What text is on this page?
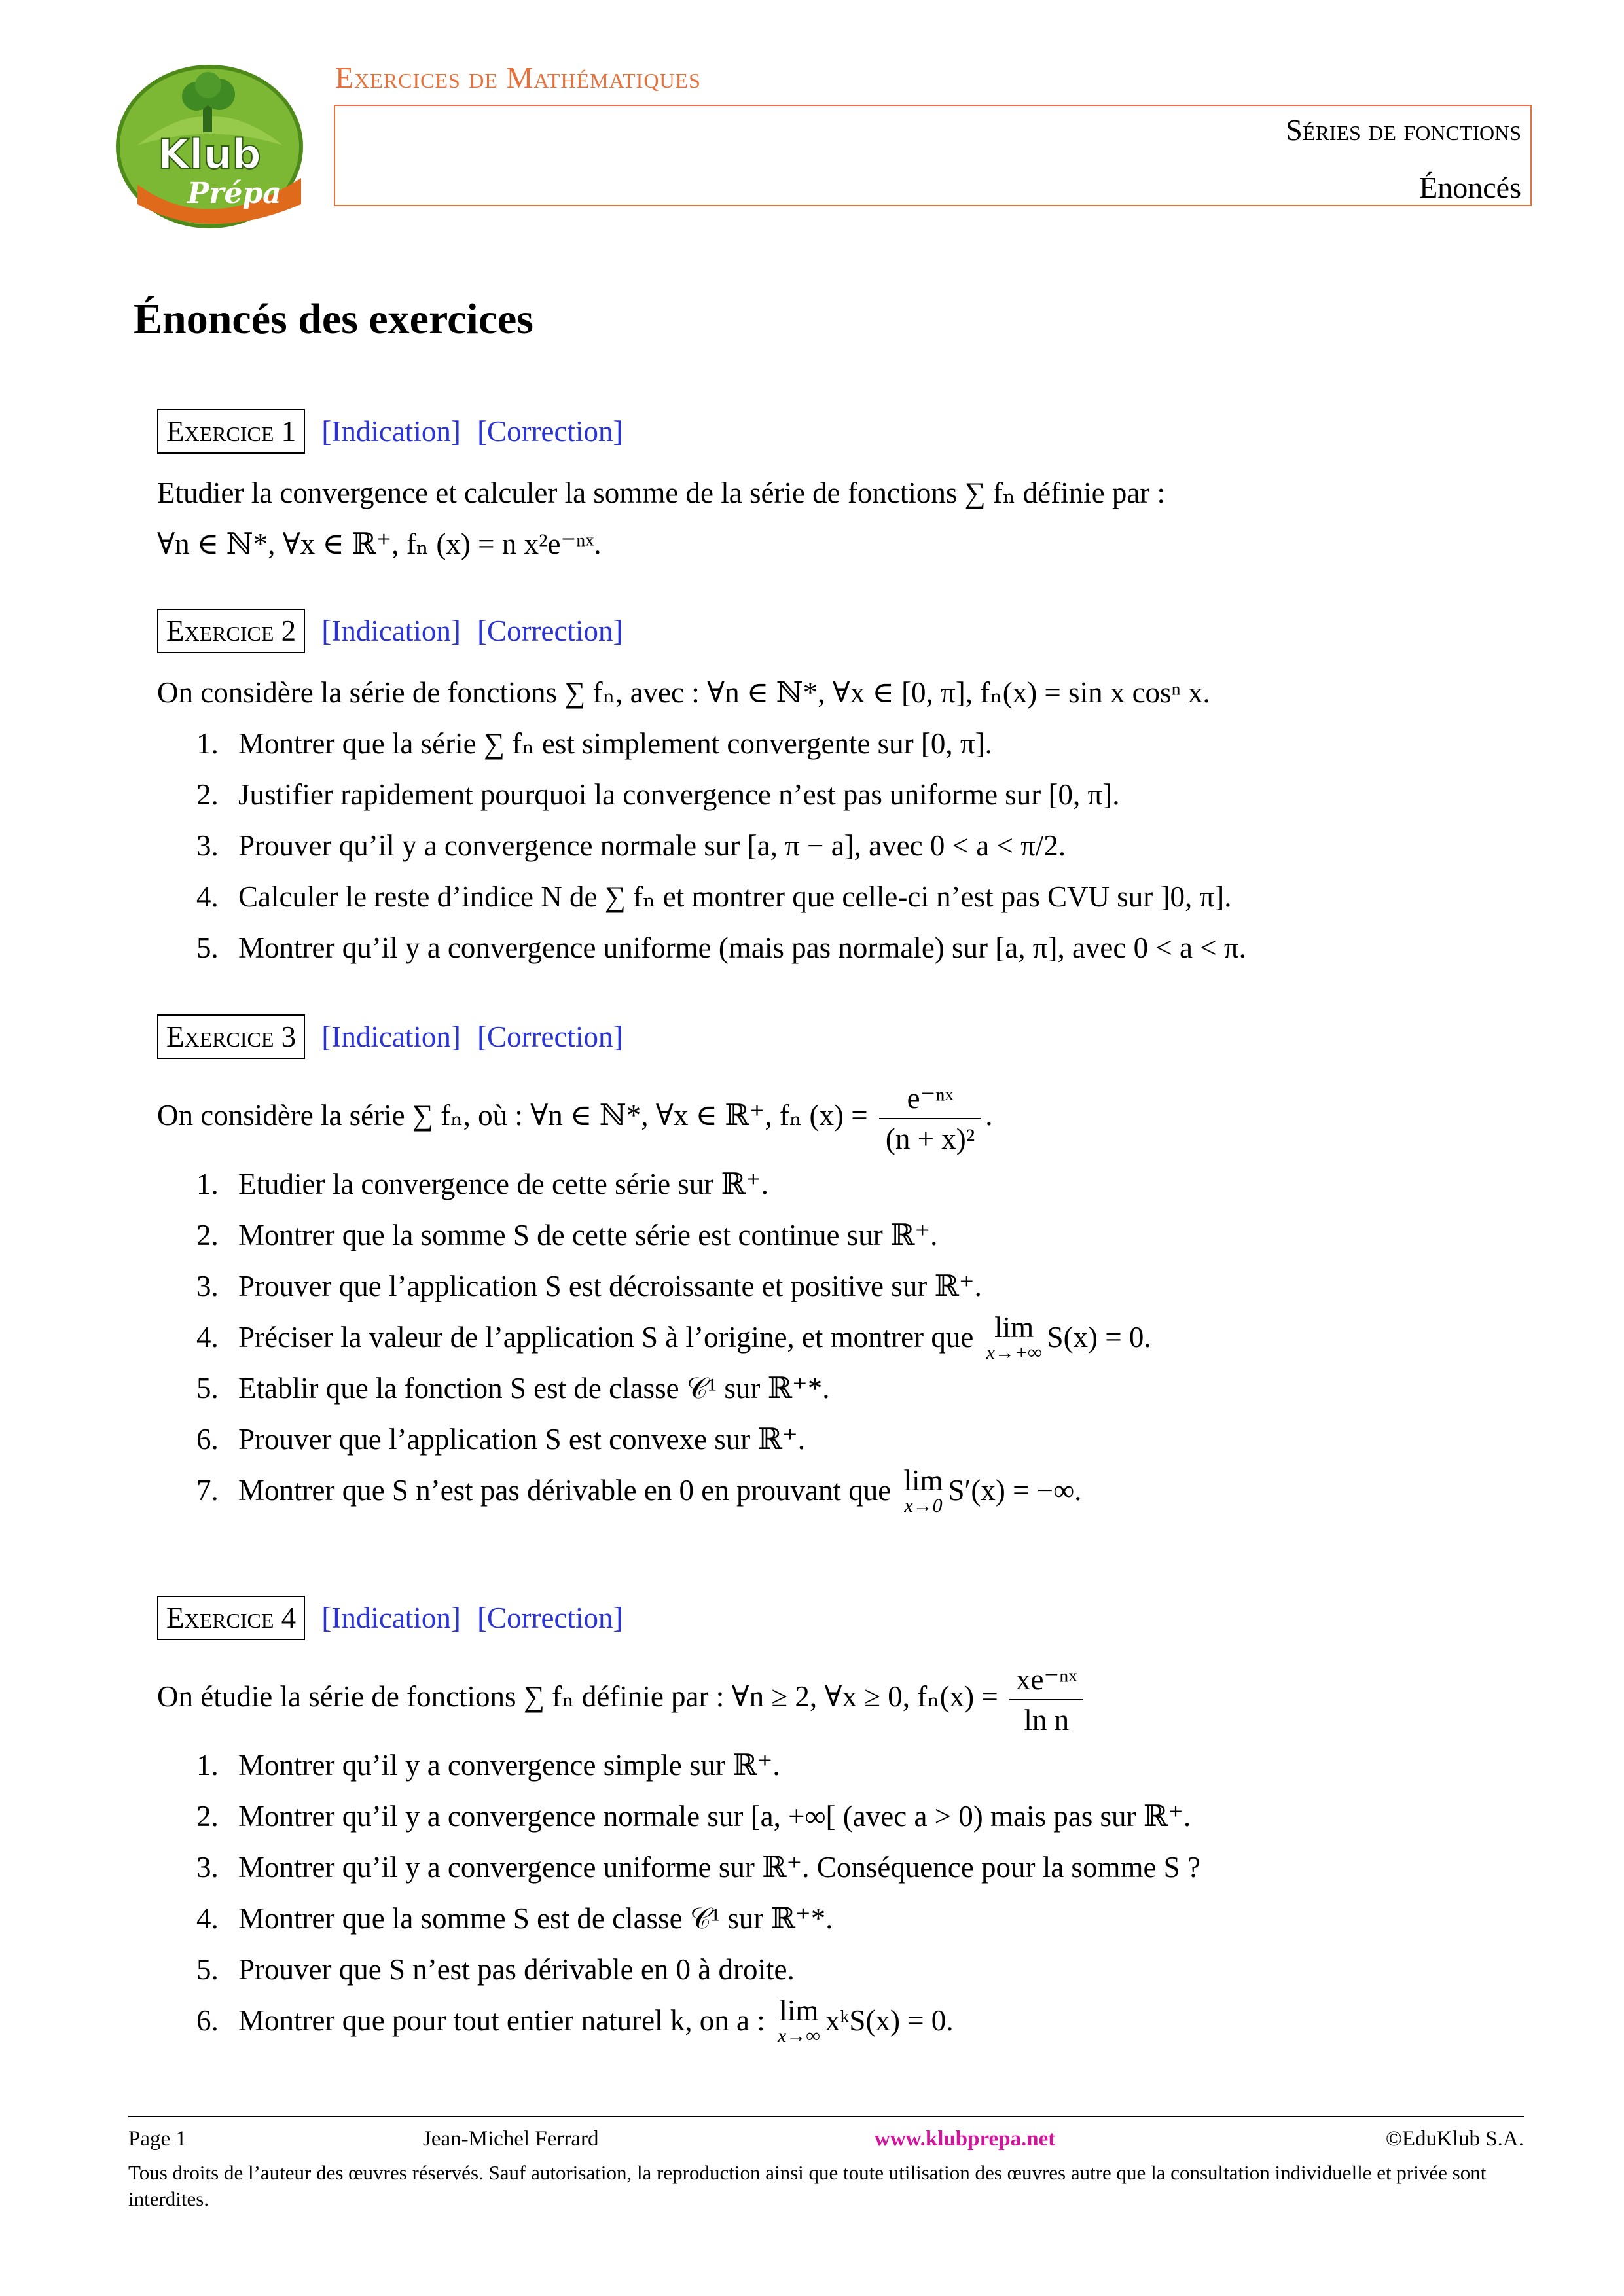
Klub
Prépa
Exercices de Mathématiques
Séries de fonctions
Énoncés
Énoncés des exercices
Exercice 1 [Indication] [Correction]
Etudier la convergence et calculer la somme de la série de fonctions ∑ fₙ définie par :
∀n ∈ ℕ*, ∀x ∈ ℝ⁺, fₙ (x) = n x²e⁻ⁿˣ.
Exercice 2 [Indication] [Correction]
On considère la série de fonctions ∑ fₙ, avec : ∀n ∈ ℕ*, ∀x ∈ [0, π], fₙ(x) = sin x cosⁿ x.
1. Montrer que la série ∑ fₙ est simplement convergente sur [0, π].
2. Justifier rapidement pourquoi la convergence n’est pas uniforme sur [0, π].
3. Prouver qu’il y a convergence normale sur [a, π − a], avec 0 < a < π/2.
4. Calculer le reste d’indice N de ∑ fₙ et montrer que celle-ci n’est pas CVU sur ]0, π].
5. Montrer qu’il y a convergence uniforme (mais pas normale) sur [a, π], avec 0 < a < π.
Exercice 3 [Indication] [Correction]
On considère la série ∑ fₙ, où : ∀n ∈ ℕ*, ∀x ∈ ℝ⁺, fₙ $(x) = \frac{\text{e⁻ⁿˣ}}{\text{(n + x)²}}$ .
1. Etudier la convergence de cette série sur ℝ⁺.
2. Montrer que la somme S de cette série est continue sur ℝ⁺.
3. Prouver que l’application S est décroissante et positive sur ℝ⁺.
4. Préciser la valeur de l’application S à l’origine, et montrer que lim
x→+∞ S(x) = 0.
5. Etablir que la fonction S est de classe 𝒞¹ sur ℝ⁺*.
6. Prouver que l’application S est convexe sur ℝ⁺.
7. Montrer que S n’est pas dérivable en 0 en prouvant que lim
x→0 S′(x) = −∞.
Exercice 4 [Indication] [Correction]
On étudie la série de fonctions ∑ fₙ définie par : ∀n ≥ 2, ∀x ≥ 0, $f_n(x) = \frac{\text{xe⁻ⁿˣ}}{\text{ln n}}$
1. Montrer qu’il y a convergence simple sur ℝ⁺.
2. Montrer qu’il y a convergence normale sur [a, +∞[ (avec a > 0) mais pas sur ℝ⁺.
3. Montrer qu’il y a convergence uniforme sur ℝ⁺. Conséquence pour la somme S ?
4. Montrer que la somme S est de classe 𝒞¹ sur ℝ⁺*.
5. Prouver que S n’est pas dérivable en 0 à droite.
6. Montrer que pour tout entier naturel k, on a : lim
x→∞ xᵏS(x) = 0.
Page 1	Jean-Michel Ferrard	www.klubprepa.net	©EduKlub S.A.
Tous droits de l’auteur des œuvres réservés. Sauf autorisation, la reproduction ainsi que toute utilisation des œuvres autre que la consultation individuelle et privée sont interdites.
